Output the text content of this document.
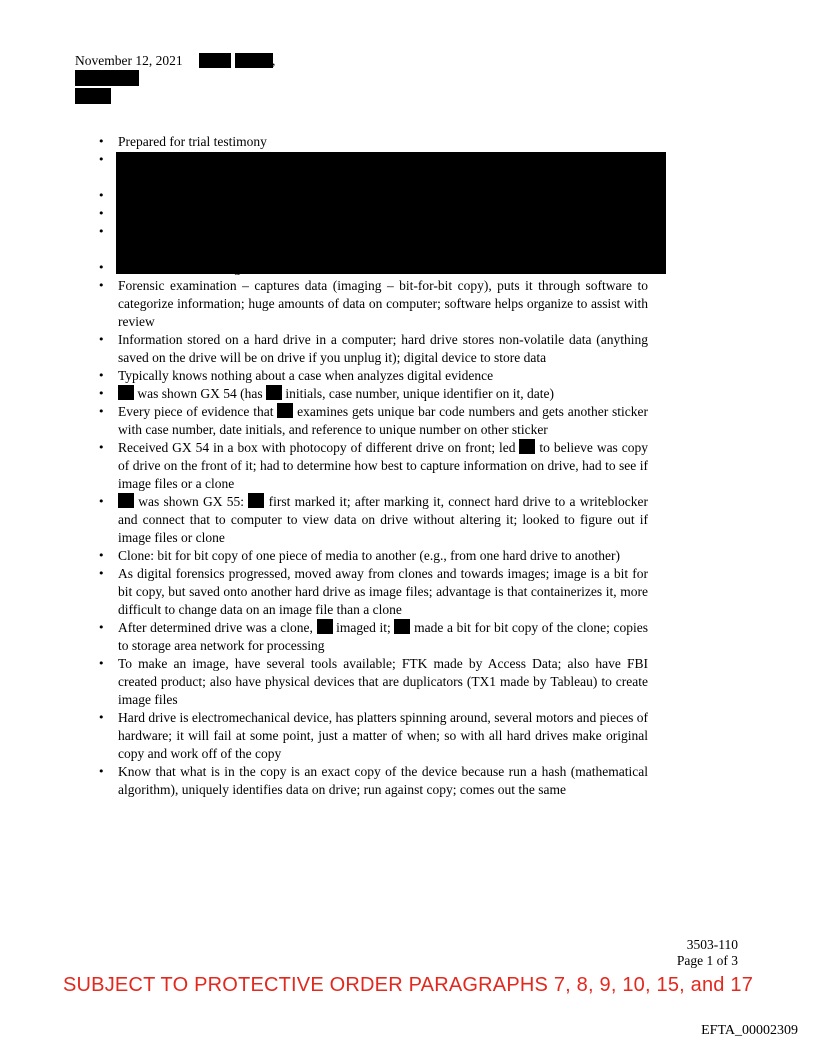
November 12, 2021	,
• Prepared for trial testimony
•
•
•
•
•
• Forensic examination – captures data (imaging – bit-for-bit copy), puts it through software to categorize information; huge amounts of data on computer; software helps organize to assist with review
• Information stored on a hard drive in a computer; hard drive stores non-volatile data (anything saved on the drive will be on drive if you unplug it); digital device to store data
• Typically knows nothing about a case when analyzes digital evidence
• was shown GX 54 (has  initials, case number, unique identifier on it, date)
• Every piece of evidence that  examines gets unique bar code numbers and gets another sticker with case number, date initials, and reference to unique number on other sticker
• Received GX 54 in a box with photocopy of different drive on front; led  to believe was copy of drive on the front of it; had to determine how best to capture information on drive, had to see if image files or a clone
• was shown GX 55:  first marked it; after marking it, connect hard drive to a writeblocker and connect that to computer to view data on drive without altering it; looked to figure out if image files or clone
• Clone: bit for bit copy of one piece of media to another (e.g., from one hard drive to another)
• As digital forensics progressed, moved away from clones and towards images; image is a bit for bit copy, but saved onto another hard drive as image files; advantage is that containerizes it, more difficult to change data on an image file than a clone
• After determined drive was a clone,  imaged it;  made a bit for bit copy of the clone; copies to storage area network for processing
• To make an image, have several tools available; FTK made by Access Data; also have FBI created product; also have physical devices that are duplicators (TX1 made by Tableau) to create image files
• Hard drive is electromechanical device, has platters spinning around, several motors and pieces of hardware; it will fail at some point, just a matter of when; so with all hard drives make original copy and work off of the copy
• Know that what is in the copy is an exact copy of the device because run a hash (mathematical algorithm), uniquely identifies data on drive; run against copy; comes out the same
3503-110
Page 1 of 3
SUBJECT TO PROTECTIVE ORDER PARAGRAPHS 7, 8, 9, 10, 15, and 17
EFTA_00002309
